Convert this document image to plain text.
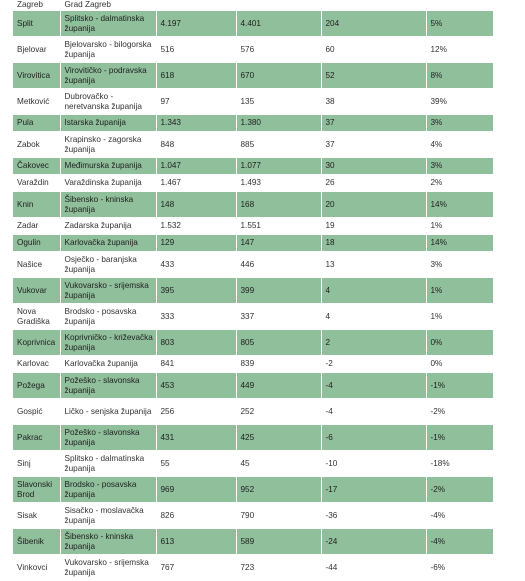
Zagreb	Grad Zagreb				
Split	Splitsko - dalmatinska županija	4.197	4.401	204	5%
Bjelovar	Bjelovarsko - bilogorska županija	516	576	60	12%
Virovitica	Virovitičko - podravska županija	618	670	52	8%
Metković	Dubrovačko - neretvanska županija	97	135	38	39%
Pula	Istarska županija	1.343	1.380	37	3%
Zabok	Krapinsko - zagorska županija	848	885	37	4%
Čakovec	Međimurska županija	1.047	1.077	30	3%
Varaždin	Varaždinska županija	1.467	1.493	26	2%
Knin	Šibensko - kninska županija	148	168	20	14%
Zadar	Zadarska županija	1.532	1.551	19	1%
Ogulin	Karlovačka županija	129	147	18	14%
Našice	Osječko - baranjska županija	433	446	13	3%
Vukovar	Vukovarsko - srijemska županija	395	399	4	1%
Nova Gradiška	Brodsko - posavska županija	333	337	4	1%
Koprivnica	Koprivničko - križevačka županija	803	805	2	0%
Karlovac	Karlovačka županija	841	839	-2	0%
Požega	Požeško - slavonska županija	453	449	-4	-1%
Gospić	Ličko - senjska županija	256	252	-4	-2%
Pakrac	Požeško - slavonska županija	431	425	-6	-1%
Sinj	Splitsko - dalmatinska županija	55	45	-10	-18%
Slavonski Brod	Brodsko - posavska županija	969	952	-17	-2%
Sisak	Sisačko - moslavačka županija	826	790	-36	-4%
Šibenik	Šibensko - kninska županija	613	589	-24	-4%
Vinkovci	Vukovarsko - srijemska županija	767	723	-44	-6%
